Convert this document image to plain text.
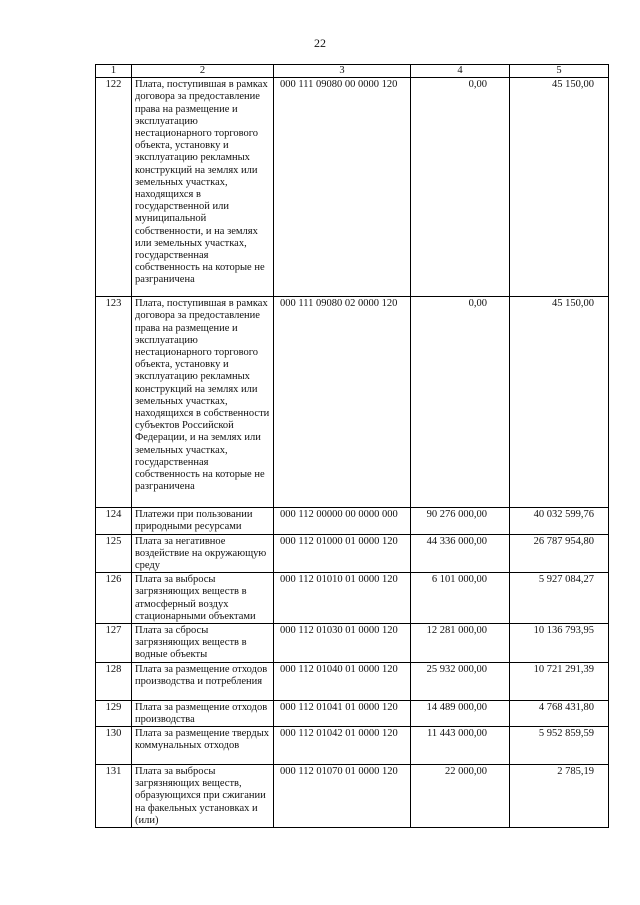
22
1	2	3	4	5
122	Плата, поступившая в рамках договора за предоставление права на размещение и эксплуатацию нестационарного торгового объекта, установку и эксплуатацию рекламных конструкций на землях или земельных участках, находящихся в государственной или муниципальной собственности, и на землях или земельных участках, государственная собственность на которые не разграничена	000 111 09080 00 0000 120	0,00	45 150,00
123	Плата, поступившая в рамках договора за предоставление права на размещение и эксплуатацию нестационарного торгового объекта, установку и эксплуатацию рекламных конструкций на землях или земельных участках, находящихся в собственности субъектов Российской Федерации, и на землях или земельных участках, государственная собственность на которые не разграничена	000 111 09080 02 0000 120	0,00	45 150,00
124	Платежи при пользовании природными ресурсами	000 112 00000 00 0000 000	90 276 000,00	40 032 599,76
125	Плата за негативное воздействие на окружающую среду	000 112 01000 01 0000 120	44 336 000,00	26 787 954,80
126	Плата за выбросы загрязняющих веществ в атмосферный воздух стационарными объектами	000 112 01010 01 0000 120	6 101 000,00	5 927 084,27
127	Плата за сбросы загрязняющих веществ в водные объекты	000 112 01030 01 0000 120	12 281 000,00	10 136 793,95
128	Плата за размещение отходов производства и потребления	000 112 01040 01 0000 120	25 932 000,00	10 721 291,39
129	Плата за размещение отходов производства	000 112 01041 01 0000 120	14 489 000,00	4 768 431,80
130	Плата за размещение твердых коммунальных отходов	000 112 01042 01 0000 120	11 443 000,00	5 952 859,59
131	Плата за выбросы загрязняющих веществ, образующихся при сжигании на факельных установках и (или)	000 112 01070 01 0000 120	22 000,00	2 785,19
